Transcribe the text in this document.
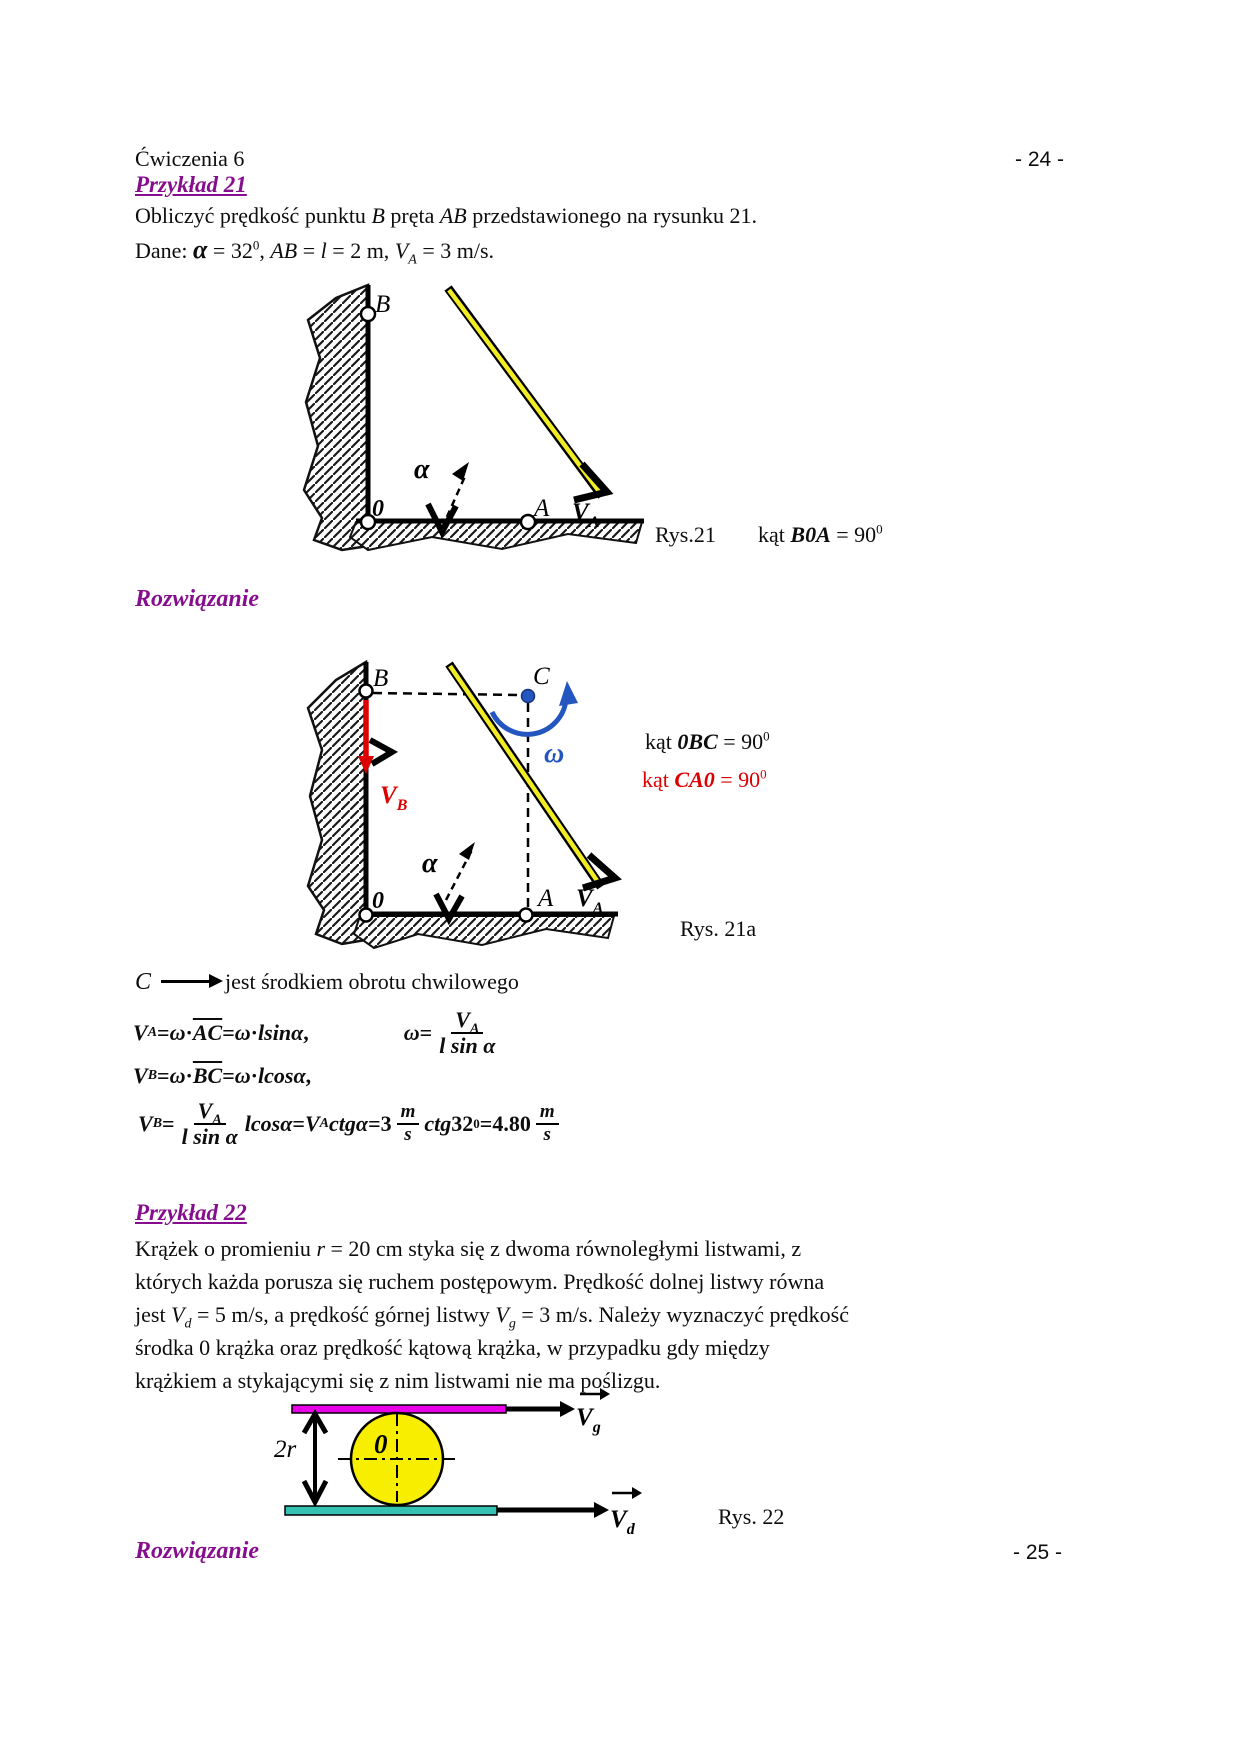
Ćwiczenia 6	- 24 -
Przykład 21
Obliczyć prędkość punktu B pręta AB przedstawionego na rysunku 21.
Dane: $\alpha = 32^0$, AB = l = 2 m, $V_A = 3$ m/s.
B
0	A
α
$V_A$	Rys.21 kąt $B0A = 90^0$
Rozwiązanie
B	C
ω
$V_B$
α
0	A $V_A$
kąt $0BC = 90^0$
kąt $CA0 = 90^0$
Rys. 21a
C	jest środkiem obrotu chwilowego
V $A = \omega \cdot \overline{AC} = \omega \cdot l$ sin α ,	$\omega = \frac{V_A}{\text{l sin α}}$
V $B = \omega \cdot \overline{BC} = \omega \cdot l$ cos α ,
V $B = \frac{V_A}{\text{l sin α}}$ l cos α = V A ctg $\alpha = 3 \frac{m}{s}$ ctg 32 $0 = 4.80 \frac{m}{s}$
Przykład 22
Krążek o promieniu r = 20 cm styka się z dwoma równoległymi listwami, z
których każda porusza się ruchem postępowym. Prędkość dolnej listwy równa
jest $V_d = 5$ m/s, a prędkość górnej listwy $V_g = 3$ m/s. Należy wyznaczyć prędkość
środka 0 krążka oraz prędkość kątową krążka, w przypadku gdy między
krążkiem a stykającymi się z nim listwami nie ma poślizgu.
$V_g$
2r	0
$V_d$
Rys. 22
Rozwiązanie	- 25 -
